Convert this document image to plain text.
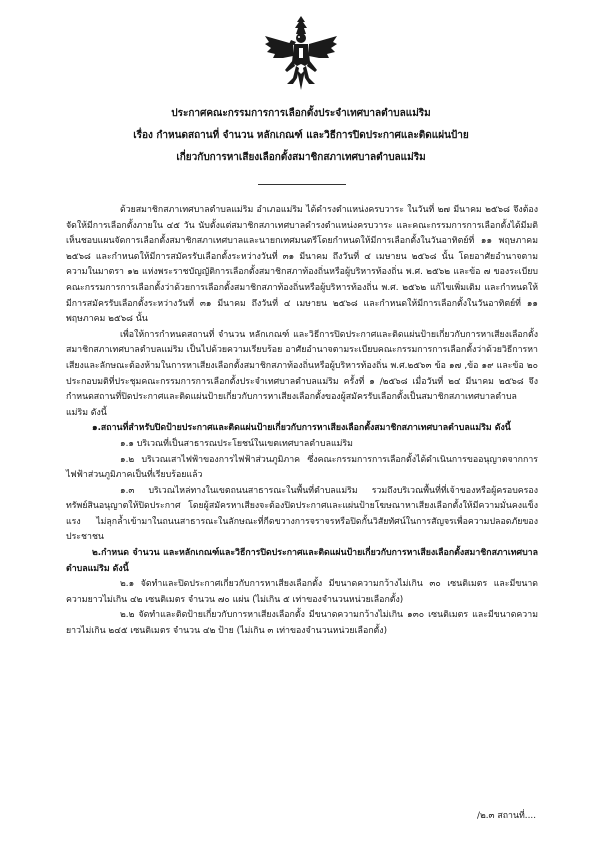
ประกาศคณะกรรมการการเลือกตั้งประจำเทศบาลตำบลแม่ริม
เรื่อง กำหนดสถานที่ จำนวน หลักเกณฑ์ และวิธีการปิดประกาศและติดแผ่นป้าย
เกี่ยวกับการหาเสียงเลือกตั้งสมาชิกสภาเทศบาลตำบลแม่ริม

ด้วยสมาชิกสภาเทศบาลตำบลแม่ริม อำเภอแม่ริม ได้ดำรงตำแหน่งครบวาระ ในวันที่ ๒๗ มีนาคม ๒๕๖๘ จึงต้องจัดให้มีการเลือกตั้งภายใน ๔๕ วัน นับตั้งแต่สมาชิกสภาเทศบาลดำรงตำแหน่งครบวาระ และคณะกรรมการการเลือกตั้งได้มีมติเห็นชอบแผนจัดการเลือกตั้งสมาชิกสภาเทศบาลและนายกเทศมนตรีโดยกำหนดให้มีการเลือกตั้งในวันอาทิตย์ที่ ๑๑ พฤษภาคม ๒๕๖๘ และกำหนดให้มีการสมัครรับเลือกตั้งระหว่างวันที่ ๓๑ มีนาคม ถึงวันที่ ๔ เมษายน ๒๕๖๘ นั้น โดยอาศัยอำนาจตามความในมาตรา ๑๒ แห่งพระราชบัญญัติการเลือกตั้งสมาชิกสภาท้องถิ่นหรือผู้บริหารท้องถิ่น พ.ศ. ๒๕๖๒ และข้อ ๗ ของระเบียบคณะกรรมการการเลือกตั้งว่าด้วยการเลือกตั้งสมาชิกสภาท้องถิ่นหรือผู้บริหารท้องถิ่น พ.ศ. ๒๕๖๒ แก้ไขเพิ่มเติม และกำหนดให้มีการสมัครรับเลือกตั้งระหว่างวันที่ ๓๑ มีนาคม ถึงวันที่ ๔ เมษายน ๒๕๖๘ และกำหนดให้มีการเลือกตั้งในวันอาทิตย์ที่ ๑๑ พฤษภาคม ๒๕๖๘ นั้น

เพื่อให้การกำหนดสถานที่ จำนวน หลักเกณฑ์ และวิธีการปิดประกาศและติดแผ่นป้ายเกี่ยวกับการหาเสียงเลือกตั้งสมาชิกสภาเทศบาลตำบลแม่ริม เป็นไปด้วยความเรียบร้อย อาศัยอำนาจตามระเบียบคณะกรรมการการเลือกตั้งว่าด้วยวิธีการหาเสียงและลักษณะต้องห้ามในการหาเสียงเลือกตั้งสมาชิกสภาท้องถิ่นหรือผู้บริหารท้องถิ่น พ.ศ.๒๕๖๓ ข้อ ๑๗ ,ข้อ ๑๙ และข้อ ๒๐ ประกอบมติที่ประชุมคณะกรรมการการเลือกตั้งประจำเทศบาลตำบลแม่ริม ครั้งที่ ๑ /๒๕๖๘ เมื่อวันที่ ๒๔ มีนาคม ๒๕๖๘ จึงกำหนดสถานที่ปิดประกาศและติดแผ่นป้ายเกี่ยวกับการหาเสียงเลือกตั้งของผู้สมัครรับเลือกตั้งเป็นสมาชิกสภาเทศบาลตำบลแม่ริม ดังนี้

๑.สถานที่สำหรับปิดป้ายประกาศและติดแผ่นป้ายเกี่ยวกับการหาเสียงเลือกตั้งสมาชิกสภาเทศบาลตำบลแม่ริม ดังนี้

๑.๑ บริเวณที่เป็นสาธารณประโยชน์ในเขตเทศบาลตำบลแม่ริม

๑.๒ บริเวณเสาไฟฟ้าของการไฟฟ้าส่วนภูมิภาค ซึ่งคณะกรรมการการเลือกตั้งได้ดำเนินการขออนุญาตจากการไฟฟ้าส่วนภูมิภาคเป็นที่เรียบร้อยแล้ว

๑.๓ บริเวณไหล่ทางในเขตถนนสาธารณะในพื้นที่ตำบลแม่ริม รวมถึงบริเวณพื้นที่ที่เจ้าของหรือผู้ครอบครองทรัพย์สินอนุญาตให้ปิดประกาศ โดยผู้สมัครหาเสียงจะต้องปิดประกาศและแผ่นป้ายโฆษณาหาเสียงเลือกตั้งให้มีความมั่นคงแข็งแรง ไม่ลุกล้ำเข้ามาในถนนสาธารณะในลักษณะที่กีดขวางการจราจรหรือปิดกั้นวิสัยทัศน์ในการสัญจรเพื่อความปลอดภัยของประชาชน

๒.กำหนด จำนวน และหลักเกณฑ์และวิธีการปิดประกาศและติดแผ่นป้ายเกี่ยวกับการหาเสียงเลือกตั้งสมาชิกสภาเทศบาลตำบลแม่ริม ดังนี้

๒.๑ จัดทำและปิดประกาศเกี่ยวกับการหาเสียงเลือกตั้ง มีขนาดความกว้างไม่เกิน ๓๐ เซนติเมตร และมีขนาดความยาวไม่เกิน ๔๒ เซนติเมตร จำนวน ๗๐ แผ่น (ไม่เกิน ๕ เท่าของจำนวนหน่วยเลือกตั้ง)

๒.๒ จัดทำและติดป้ายเกี่ยวกับการหาเสียงเลือกตั้ง มีขนาดความกว้างไม่เกิน ๑๓๐ เซนติเมตร และมีขนาดความยาวไม่เกิน ๒๔๕ เซนติเมตร จำนวน ๔๒ ป้าย (ไม่เกิน ๓ เท่าของจำนวนหน่วยเลือกตั้ง)

/๒.๓ สถานที่....
